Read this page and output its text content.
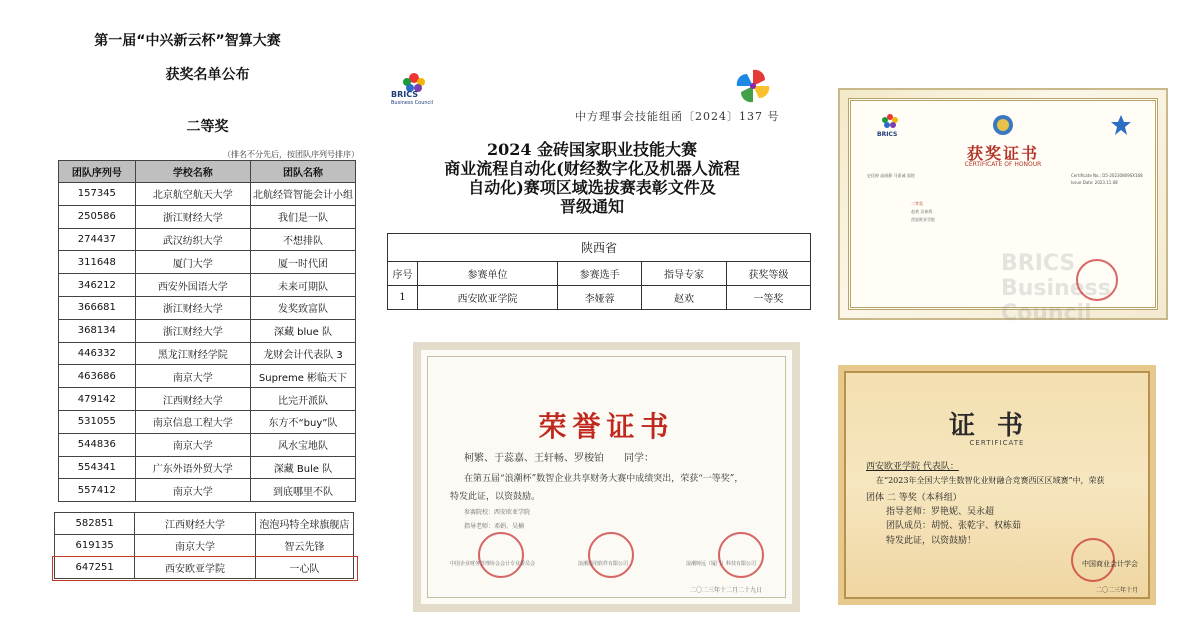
第一届“中兴新云杯”智算大赛
获奖名单公布
二等奖
（排名不分先后，按团队序列号排序）
团队序列号	学校名称	团队名称
157345	北京航空航天大学	北航经管智能会计小组
250586	浙江财经大学	我们是一队
274437	武汉纺织大学	不想排队
311648	厦门大学	厦一时代团
346212	西安外国语大学	未来可期队
366681	浙江财经大学	发奖致富队
368134	浙江财经大学	深藏 blue 队
446332	黑龙江财经学院	龙财会计代表队 3
463686	南京大学	Supreme 彬临天下
479142	江西财经大学	比完开派队
531055	南京信息工程大学	东方不“buy”队
544836	南京大学	风水宝地队
554341	广东外语外贸大学	深藏 Bule 队
557412	南京大学	到底哪里不队
582851	江西财经大学	泡泡玛特全球旗舰店
619135	南京大学	智云先锋
647251	西安欧亚学院	一心队
BRICS
Business Council
中方理事会技能组函〔2024〕137 号
2024 金砖国家职业技能大赛
商业流程自动化(财经数字化及机器人流程
自动化)赛项区域选拔赛表彰文件及
晋级通知
陕西省				
序号	参赛单位	参赛选手	指导专家	获奖等级
1	西安欧亚学院	李娅蓉	赵欢	一等奖
BRICS
获奖证书
CERTIFICATE OF HONOUR
史佳婷 高丽静 马嘉诚 邵悦	Certificate No.: D5-20230809SX168
Issue Date: 2023.11.08
二等奖
赵欢 吴泰珉
西安欧亚学院
BRICS Business Council
荣誉证书
柯繁、于蕊嘉、王轩畅、罗梭铂 同学：
在第五届“浪潮杯”数智企业共享财务大赛中成绩突出，荣获“一等奖”，
特发此证，以资鼓励。
参赛院校：西安欧亚学院
指导老师：邓娟、吴楠
中国企业财务管理协会会计专业委员会	浪潮通用软件有限公司	浪潮铸远（厦门）科技有限公司
二〇二三年十二月二十九日
证书
CERTIFICATE
西安欧亚学院 代表队：
在“2023年全国大学生数智化业财融合竞赛西区区域赛”中，荣获
团体 二 等奖（本科组）
指导老师：罗艳妮、吴永超
团队成员：胡悦、张乾宇、权栋茹
特发此证，以资鼓励！
中国商业会计学会
二〇二三年十月
